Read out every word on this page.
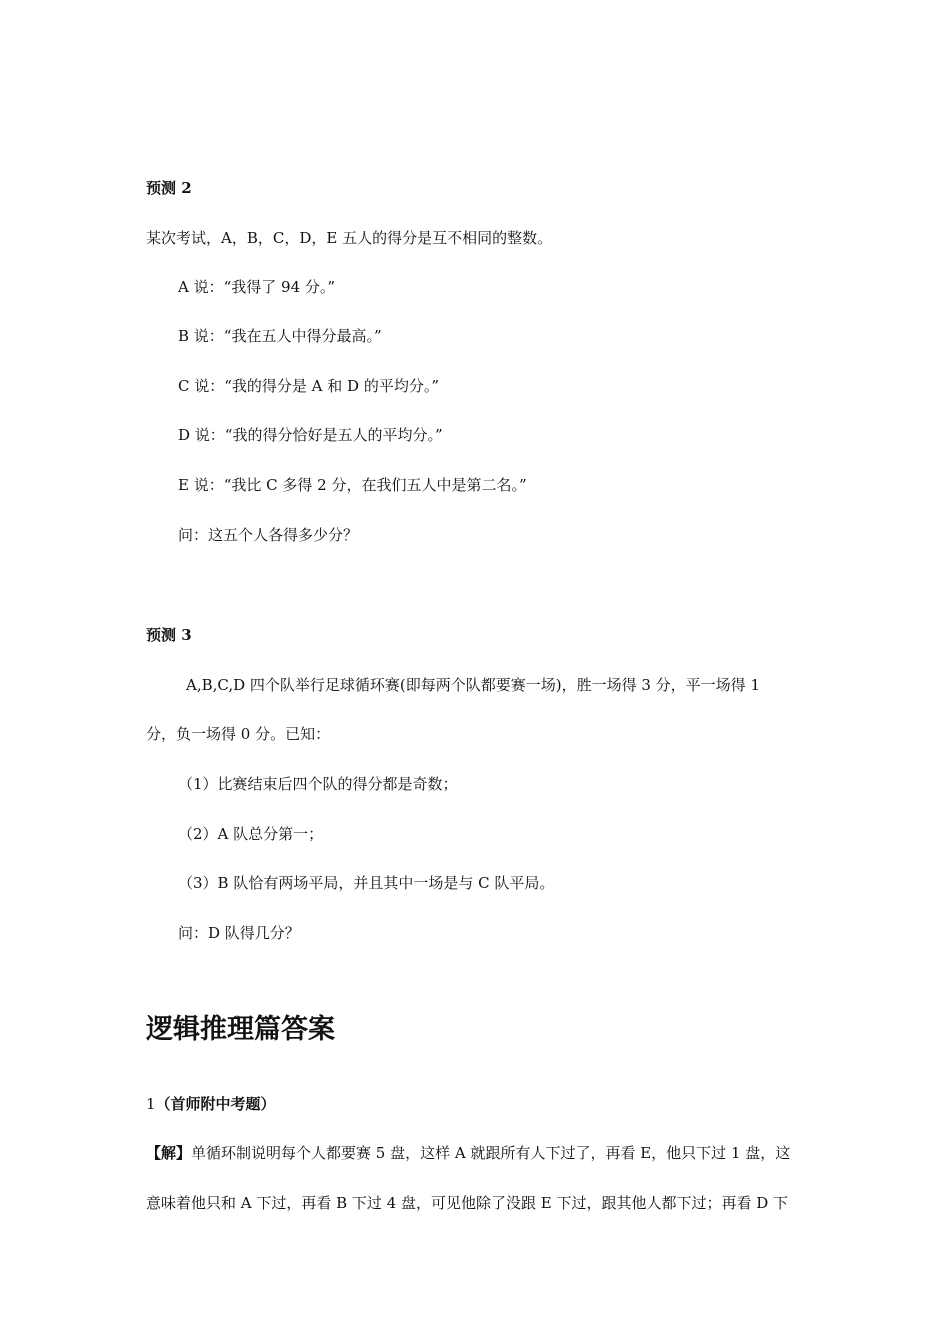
预测 2
某次考试，A，B，C，D，E 五人的得分是互不相同的整数。
A 说：“我得了 94 分。”
B 说：“我在五人中得分最高。”
C 说：“我的得分是 A 和 D 的平均分。”
D 说：“我的得分恰好是五人的平均分。”
E 说：“我比 C 多得 2 分，在我们五人中是第二名。”
问：这五个人各得多少分？
预测 3
A,B,C,D 四个队举行足球循环赛(即每两个队都要赛一场)，胜一场得 3 分，平一场得 1
分，负一场得 0 分。已知：
（1）比赛结束后四个队的得分都是奇数；
（2）A 队总分第一；
（3）B 队恰有两场平局，并且其中一场是与 C 队平局。
问：D 队得几分？
逻辑推理篇答案
1（首师附中考题）
【解】单循环制说明每个人都要赛 5 盘，这样 A 就跟所有人下过了，再看 E，他只下过 1 盘，这
意味着他只和 A 下过，再看 B 下过 4 盘，可见他除了没跟 E 下过，跟其他人都下过；再看 D 下
